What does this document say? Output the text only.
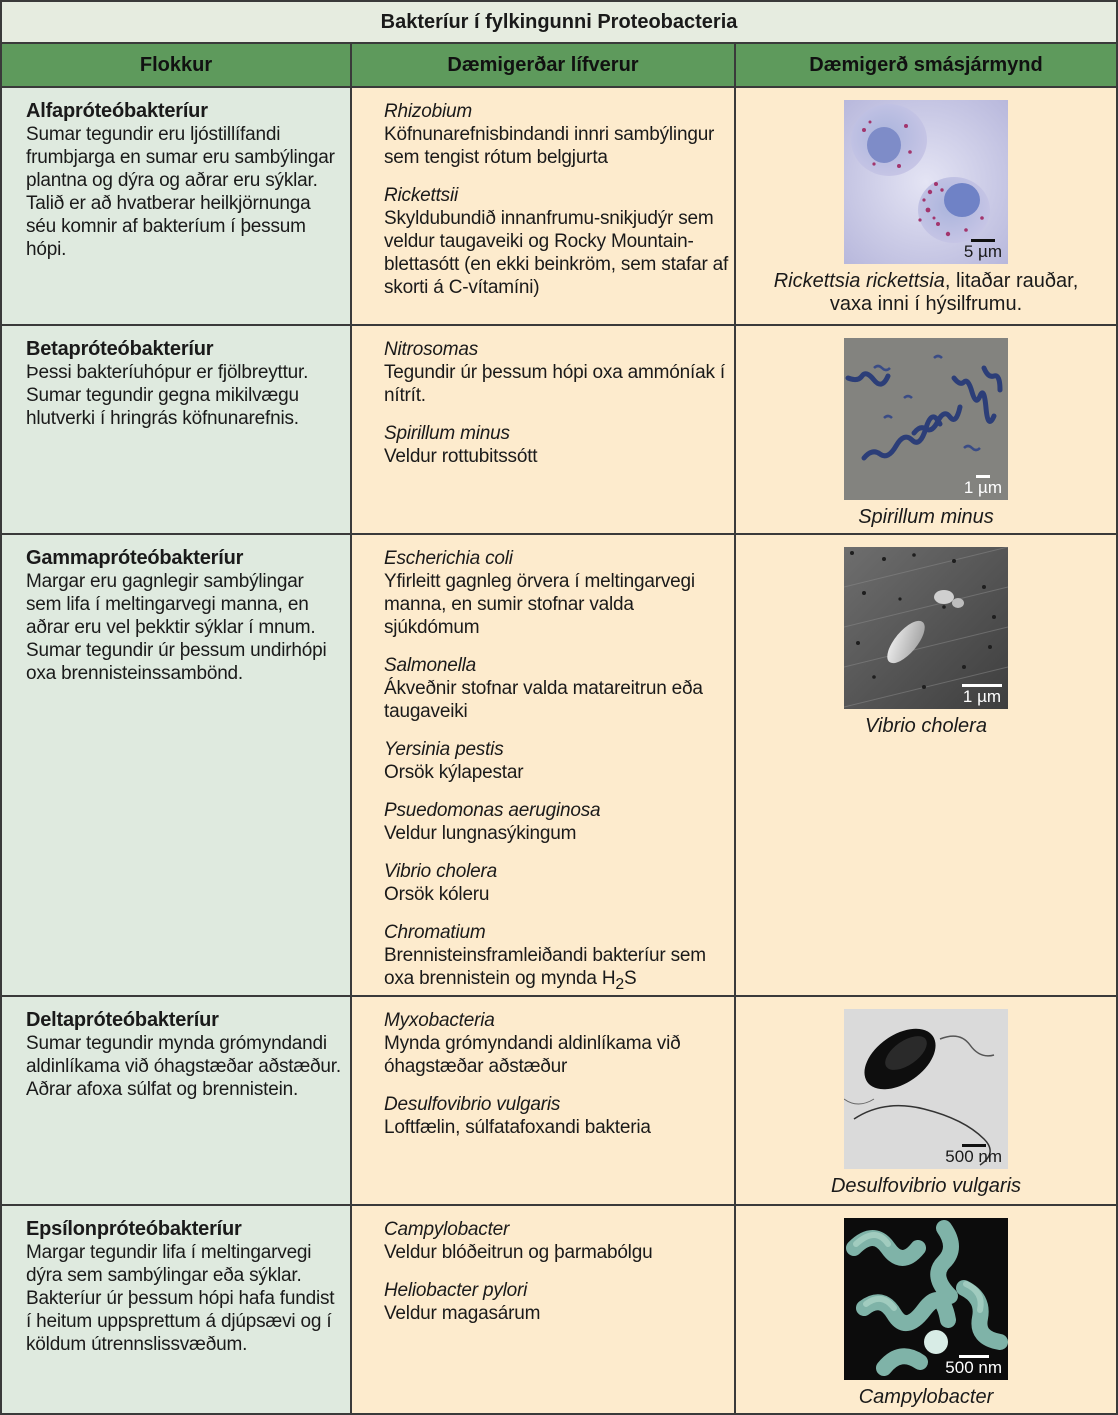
Bakteríur í fylkingunni Proteobacteria
Flokkur	Dæmigerðar lífverur	Dæmigerð smásjármynd
Alfapróteóbakteríur
Sumar tegundir eru ljóstillífandi frumbjarga en sumar eru sambýlingar plantna og dýra og aðrar eru sýklar. Talið er að hvatberar heilkjörnunga séu komnir af bakteríum í þessum hópi.
Rhizobium
Köfnunarefnisbindandi innri sambýlingur sem tengist rótum belgjurta
Rickettsii
Skyldubundið innanfrumu-snikjudýr sem veldur taugaveiki og Rocky Mountain-blettasótt (en ekki beinkröm, sem stafar af skorti á C-vítamíni)
5 µm
Rickettsia rickettsia, litaðar rauðar, vaxa inni í hýsilfrumu.
Betapróteóbakteríur
Þessi bakteríuhópur er fjölbreyttur. Sumar tegundir gegna mikilvægu hlutverki í hringrás köfnunarefnis.
Nitrosomas
Tegundir úr þessum hópi oxa ammóníak í nítrít.
Spirillum minus
Veldur rottubitssótt
1 µm
Spirillum minus
Gammapróteóbakteríur
Margar eru gagnlegir sambýlingar sem lifa í meltingarvegi manna, en aðrar eru vel þekktir sýklar í mnum. Sumar tegundir úr þessum undirhópi oxa brennisteinssambönd.
Escherichia coli
Yfirleitt gagnleg örvera í meltingarvegi manna, en sumir stofnar valda sjúkdómum
Salmonella
Ákveðnir stofnar valda matareitrun eða taugaveiki
Yersinia pestis
Orsök kýlapestar
Psuedomonas aeruginosa
Veldur lungnasýkingum
Vibrio cholera
Orsök kóleru
Chromatium
Brennisteinsframleiðandi bakteríur sem oxa brennistein og mynda $H_2S$
1 µm
Vibrio cholera
Deltapróteóbakteríur
Sumar tegundir mynda grómyndandi aldinlíkama við óhagstæðar aðstæður. Aðrar afoxa súlfat og brennistein.
Myxobacteria
Mynda grómyndandi aldinlíkama við óhagstæðar aðstæður
Desulfovibrio vulgaris
Loftfælin, súlfatafoxandi bakteria
500 nm
Desulfovibrio vulgaris
Epsílonpróteóbakteríur
Margar tegundir lifa í meltingarvegi dýra sem sambýlingar eða sýklar. Bakteríur úr þessum hópi hafa fundist í heitum uppsprettum á djúpsævi og í köldum útrennslissvæðum.
Campylobacter
Veldur blóðeitrun og þarmabólgu
Heliobacter pylori
Veldur magasárum
500 nm
Campylobacter
